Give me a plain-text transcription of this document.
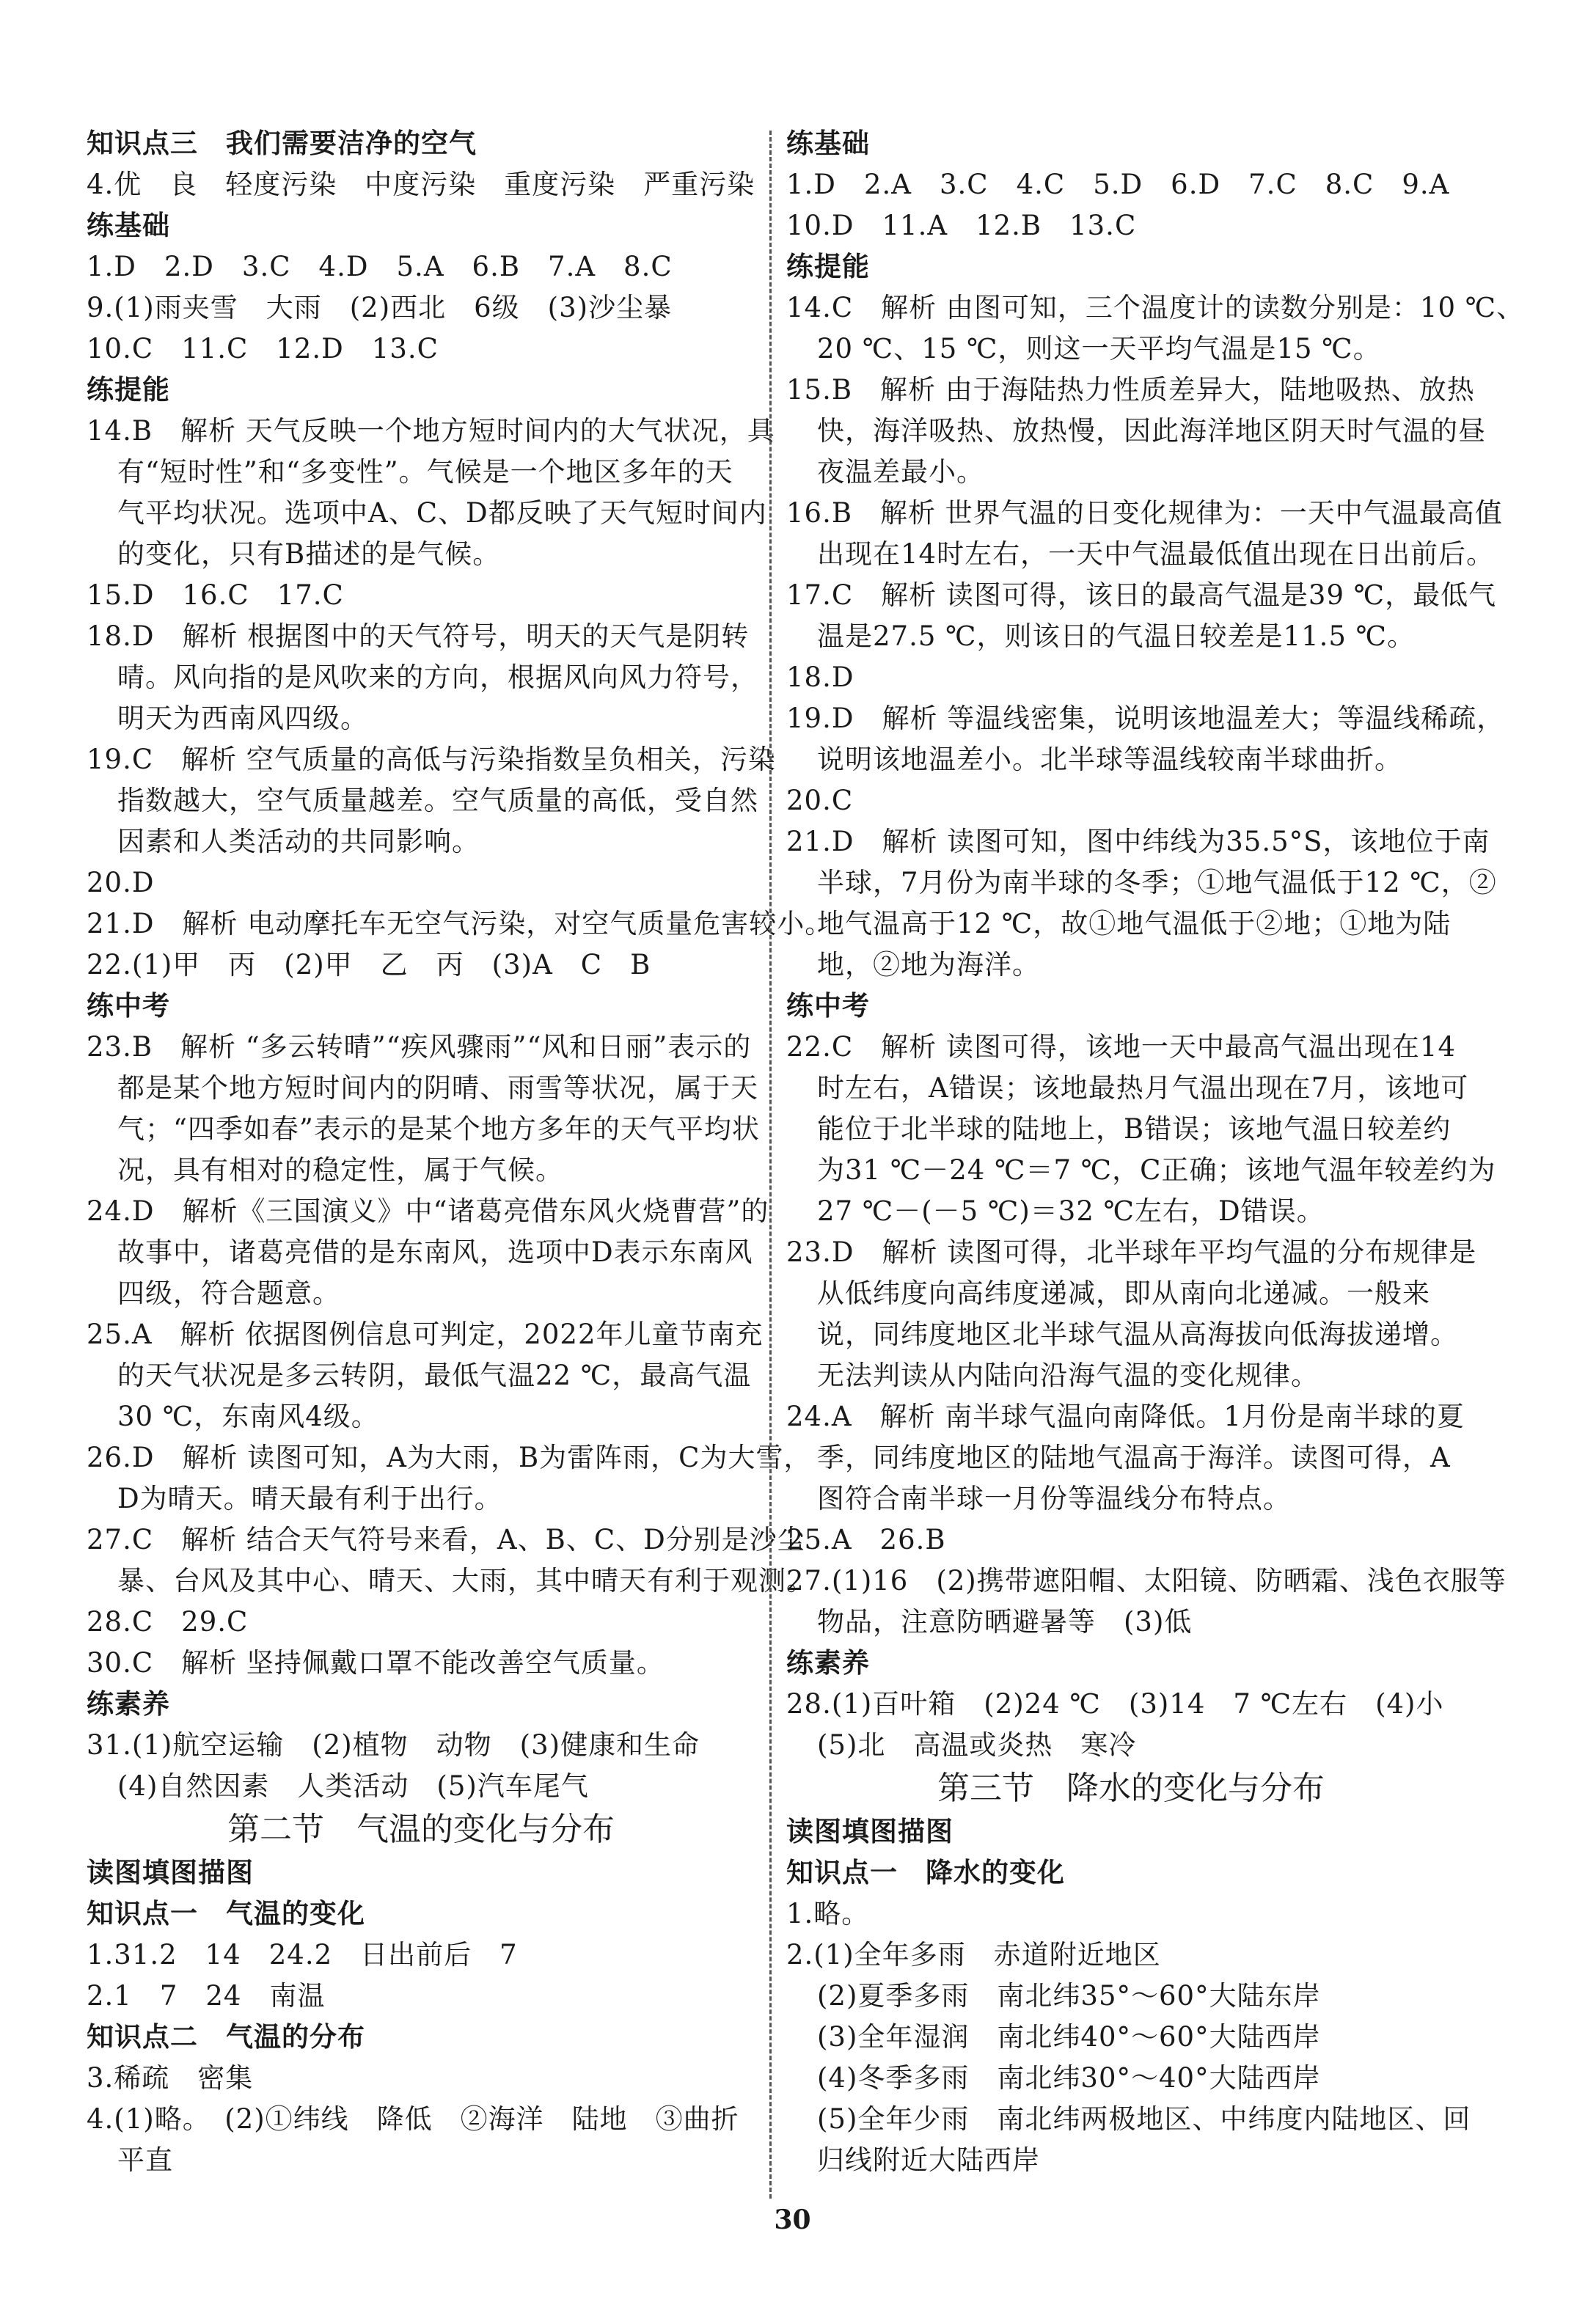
知识点三　我们需要洁净的空气
4.优　良　轻度污染　中度污染　重度污染　严重污染
练基础
1.D　2.D　3.C　4.D　5.A　6.B　7.A　8.C
9.(1)雨夹雪　大雨　(2)西北　6级　(3)沙尘暴
10.C　11.C　12.D　13.C
练提能
14.B　解析 天气反映一个地方短时间内的大气状况，具
有“短时性”和“多变性”。气候是一个地区多年的天
气平均状况。选项中A、C、D都反映了天气短时间内
的变化，只有B描述的是气候。
15.D　16.C　17.C
18.D　解析 根据图中的天气符号，明天的天气是阴转
晴。风向指的是风吹来的方向，根据风向风力符号，
明天为西南风四级。
19.C　解析 空气质量的高低与污染指数呈负相关，污染
指数越大，空气质量越差。空气质量的高低，受自然
因素和人类活动的共同影响。
20.D
21.D　解析 电动摩托车无空气污染，对空气质量危害较小。
22.(1)甲　丙　(2)甲　乙　丙　(3)A　C　B
练中考
23.B　解析 “多云转晴”“疾风骤雨”“风和日丽”表示的
都是某个地方短时间内的阴晴、雨雪等状况，属于天
气；“四季如春”表示的是某个地方多年的天气平均状
况，具有相对的稳定性，属于气候。
24.D　解析《三国演义》中“诸葛亮借东风火烧曹营”的
故事中，诸葛亮借的是东南风，选项中D表示东南风
四级，符合题意。
25.A　解析 依据图例信息可判定，2022年儿童节南充
的天气状况是多云转阴，最低气温22 ℃，最高气温
30 ℃，东南风4级。
26.D　解析 读图可知，A为大雨，B为雷阵雨，C为大雪，
D为晴天。晴天最有利于出行。
27.C　解析 结合天气符号来看，A、B、C、D分别是沙尘
暴、台风及其中心、晴天、大雨，其中晴天有利于观测。
28.C　29.C
30.C　解析 坚持佩戴口罩不能改善空气质量。
练素养
31.(1)航空运输　(2)植物　动物　(3)健康和生命
(4)自然因素　人类活动　(5)汽车尾气
第二节　气温的变化与分布
读图填图描图
知识点一　气温的变化
1.31.2　14　24.2　日出前后　7
2.1　7　24　南温
知识点二　气温的分布
3.稀疏　密集
4.(1)略。　(2)①纬线　降低　②海洋　陆地　③曲折
平直
练基础
1.D　2.A　3.C　4.C　5.D　6.D　7.C　8.C　9.A
10.D　11.A　12.B　13.C
练提能
14.C　解析 由图可知，三个温度计的读数分别是：10 ℃、
20 ℃、15 ℃，则这一天平均气温是15 ℃。
15.B　解析 由于海陆热力性质差异大，陆地吸热、放热
快，海洋吸热、放热慢，因此海洋地区阴天时气温的昼
夜温差最小。
16.B　解析 世界气温的日变化规律为：一天中气温最高值
出现在14时左右，一天中气温最低值出现在日出前后。
17.C　解析 读图可得，该日的最高气温是39 ℃，最低气
温是27.5 ℃，则该日的气温日较差是11.5 ℃。
18.D
19.D　解析 等温线密集，说明该地温差大；等温线稀疏，
说明该地温差小。北半球等温线较南半球曲折。
20.C
21.D　解析 读图可知，图中纬线为35.5°S，该地位于南
半球，7月份为南半球的冬季；①地气温低于12 ℃，②
地气温高于12 ℃，故①地气温低于②地；①地为陆
地，②地为海洋。
练中考
22.C　解析 读图可得，该地一天中最高气温出现在14
时左右，A错误；该地最热月气温出现在7月，该地可
能位于北半球的陆地上，B错误；该地气温日较差约
为31 ℃－24 ℃＝7 ℃，C正确；该地气温年较差约为
27 ℃－(－5 ℃)＝32 ℃左右，D错误。
23.D　解析 读图可得，北半球年平均气温的分布规律是
从低纬度向高纬度递减，即从南向北递减。一般来
说，同纬度地区北半球气温从高海拔向低海拔递增。
无法判读从内陆向沿海气温的变化规律。
24.A　解析 南半球气温向南降低。1月份是南半球的夏
季，同纬度地区的陆地气温高于海洋。读图可得，A
图符合南半球一月份等温线分布特点。
25.A　26.B
27.(1)16　(2)携带遮阳帽、太阳镜、防晒霜、浅色衣服等
物品，注意防晒避暑等　(3)低
练素养
28.(1)百叶箱　(2)24 ℃　(3)14　7 ℃左右　(4)小
(5)北　高温或炎热　寒冷
第三节　降水的变化与分布
读图填图描图
知识点一　降水的变化
1.略。
2.(1)全年多雨　赤道附近地区
(2)夏季多雨　南北纬35°～60°大陆东岸
(3)全年湿润　南北纬40°～60°大陆西岸
(4)冬季多雨　南北纬30°～40°大陆西岸
(5)全年少雨　南北纬两极地区、中纬度内陆地区、回
归线附近大陆西岸
30
